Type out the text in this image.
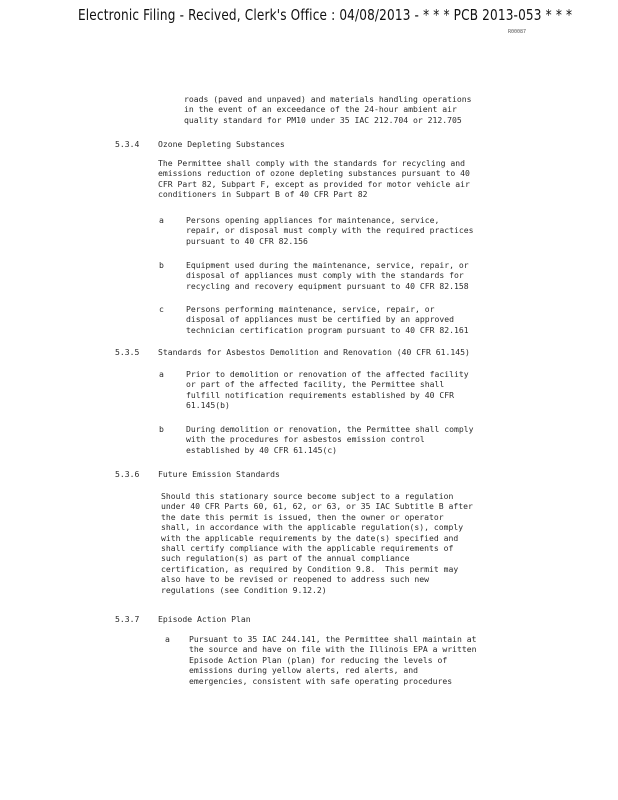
Electronic Filing - Recived, Clerk's Office : 04/08/2013 - * * * PCB 2013-053 * * *
R00087
roads (paved and unpaved) and materials handling operations
in the event of an exceedance of the 24-hour ambient air
quality standard for PM10 under 35 IAC 212.704 or 212.705
5.3.4 Ozone Depleting Substances
The Permittee shall comply with the standards for recycling and
emissions reduction of ozone depleting substances pursuant to 40
CFR Part 82, Subpart F, except as provided for motor vehicle air
conditioners in Subpart B of 40 CFR Part 82
a	Persons opening appliances for maintenance, service,
repair, or disposal must comply with the required practices
pursuant to 40 CFR 82.156
b	Equipment used during the maintenance, service, repair, or
disposal of appliances must comply with the standards for
recycling and recovery equipment pursuant to 40 CFR 82.158
c	Persons performing maintenance, service, repair, or
disposal of appliances must be certified by an approved
technician certification program pursuant to 40 CFR 82.161
5.3.5 Standards for Asbestos Demolition and Renovation (40 CFR 61.145)
a	Prior to demolition or renovation of the affected facility
or part of the affected facility, the Permittee shall
fulfill notification requirements established by 40 CFR
61.145(b)
b	During demolition or renovation, the Permittee shall comply
with the procedures for asbestos emission control
established by 40 CFR 61.145(c)
5.3.6 Future Emission Standards
Should this stationary source become subject to a regulation
under 40 CFR Parts 60, 61, 62, or 63, or 35 IAC Subtitle B after
the date this permit is issued, then the owner or operator
shall, in accordance with the applicable regulation(s), comply
with the applicable requirements by the date(s) specified and
shall certify compliance with the applicable requirements of
such regulation(s) as part of the annual compliance
certification, as required by Condition 9.8.  This permit may
also have to be revised or reopened to address such new
regulations (see Condition 9.12.2)
5.3.7 Episode Action Plan
a Pursuant to 35 IAC 244.141, the Permittee shall maintain at
the source and have on file with the Illinois EPA a written
Episode Action Plan (plan) for reducing the levels of
emissions during yellow alerts, red alerts, and
emergencies, consistent with safe operating procedures
